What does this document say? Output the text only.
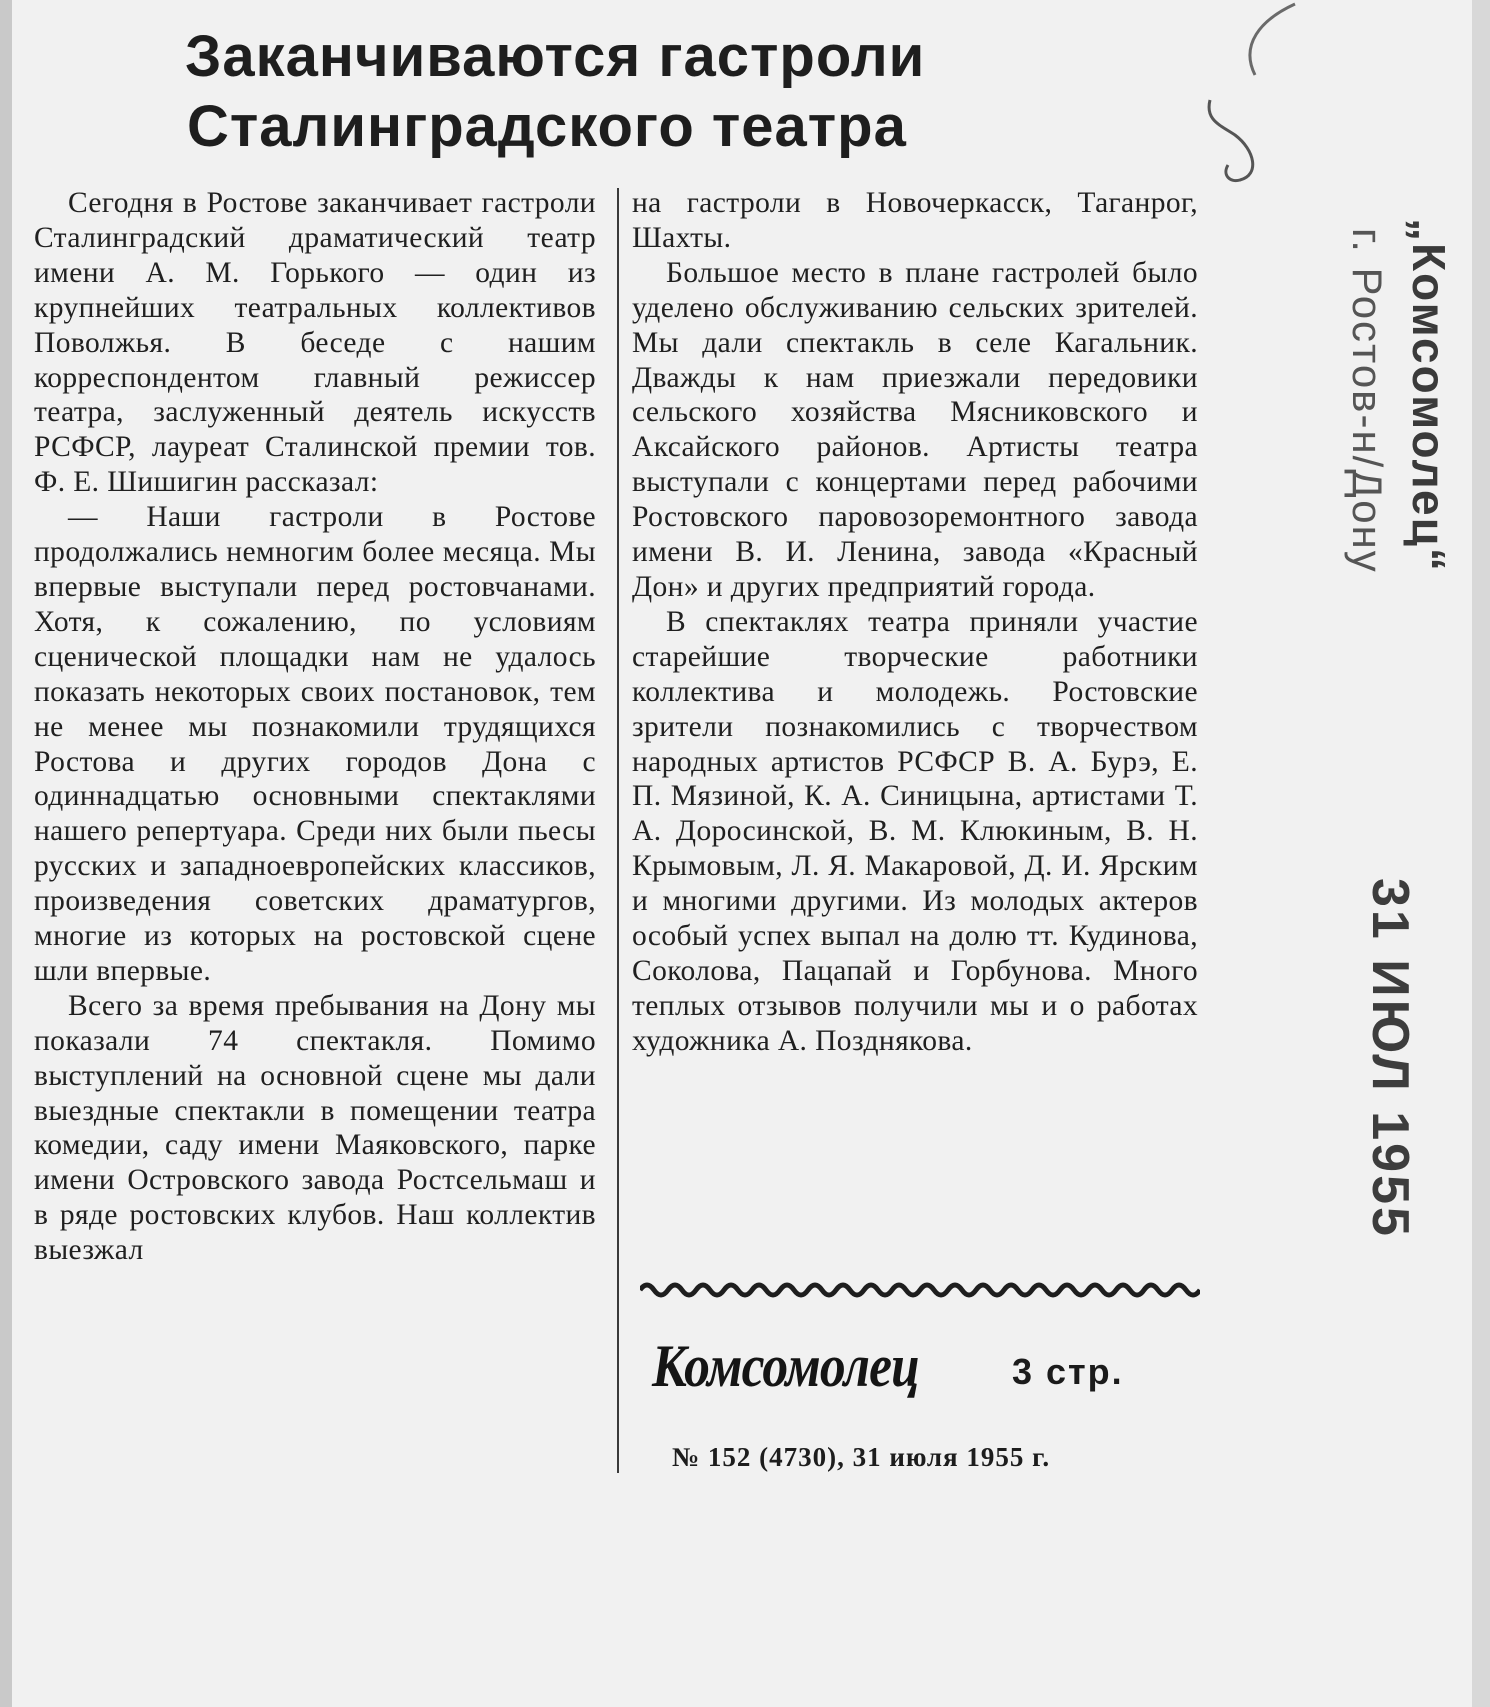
Заканчиваются гастроли
Сталинградского театра

Сегодня в Ростове заканчивает гастроли Сталинградский драматический театр имени А. М. Горького — один из крупнейших театральных коллективов Поволжья. В беседе с нашим корреспондентом главный режиссер театра, заслуженный деятель искусств РСФСР, лауреат Сталинской премии тов. Ф. Е. Шишигин рассказал:

— Наши гастроли в Ростове продолжались немногим более месяца. Мы впервые выступали перед ростовчанами. Хотя, к сожалению, по условиям сценической площадки нам не удалось показать некоторых своих постановок, тем не менее мы познакомили трудящихся Ростова и других городов Дона с одиннадцатью основными спектаклями нашего репертуара. Среди них были пьесы русских и западноевропейских классиков, произведения советских драматургов, многие из которых на ростовской сцене шли впервые.

Всего за время пребывания на Дону мы показали 74 спектакля. Помимо выступлений на основной сцене мы дали выездные спектакли в помещении театра комедии, саду имени Маяковского, парке имени Островского завода Ростсельмаш и в ряде ростовских клубов. Наш коллектив выезжал

на гастроли в Новочеркасск, Таганрог, Шахты.

Большое место в плане гастролей было уделено обслуживанию сельских зрителей. Мы дали спектакль в селе Кагальник. Дважды к нам приезжали передовики сельского хозяйства Мясниковского и Аксайского районов. Артисты театра выступали с концертами перед рабочими Ростовского паровозоремонтного завода имени В. И. Ленина, завода «Красный Дон» и других предприятий города.

В спектаклях театра приняли участие старейшие творческие работники коллектива и молодежь. Ростовские зрители познакомились с творчеством народных артистов РСФСР В. А. Бурэ, Е. П. Мязиной, К. А. Синицына, артистами Т. А. Доросинской, В. М. Клюкиным, В. Н. Крымовым, Л. Я. Макаровой, Д. И. Ярским и многими другими. Из молодых актеров особый успех выпал на долю тт. Кудинова, Соколова, Пацапай и Горбунова. Много теплых отзывов получили мы и о работах художника А. Позднякова.

Комсомолец	3 стр.
№ 152 (4730), 31 июля 1955 г.
„Комсомолец“
г. Ростов-н/Дону
31 ИЮЛ 1955
